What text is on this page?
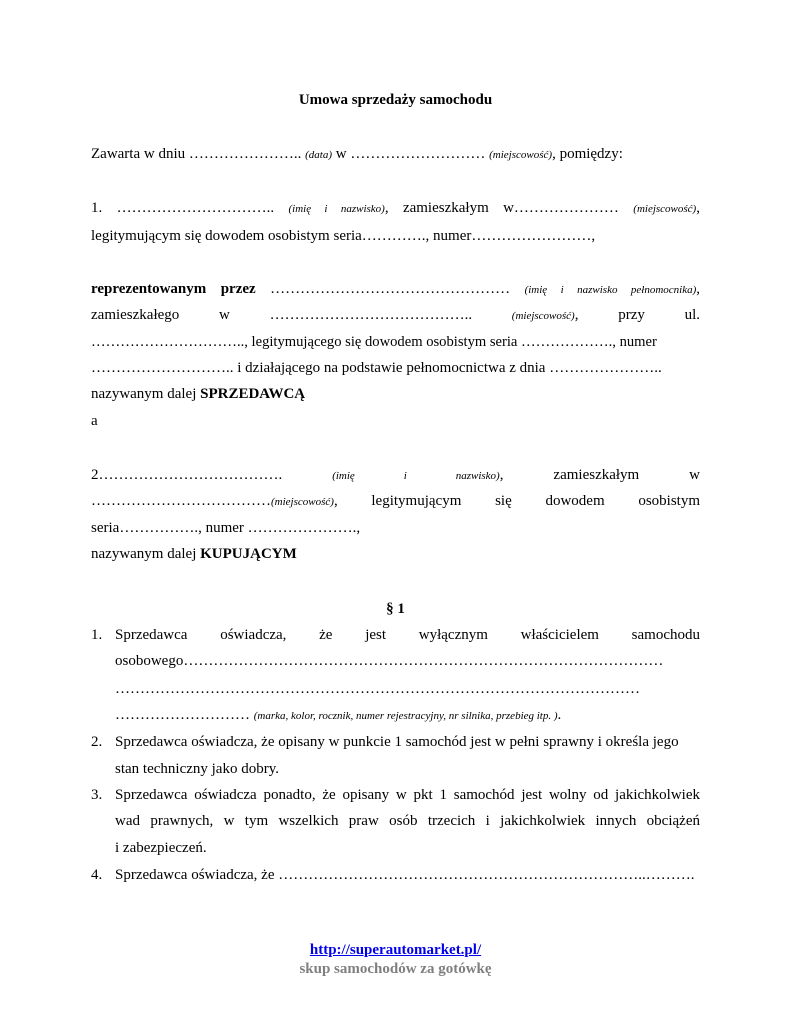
Umowa sprzedaży samochodu
Zawarta w dniu ………………….. (data) w ……………………… (miejscowość), pomiędzy:
1. ………………………….. (imię i nazwisko), zamieszkałym w………………… (miejscowość),
legitymującym się dowodem osobistym seria…………., numer……………………,
reprezentowanym przez ………………………………………… (imię i nazwisko pełnomocnika),
zamieszkałego	w	…………………………………..	(miejscowość), przy ul.
………………………….., legitymującego się dowodem osobistym seria ………………., numer
……………………….. i działającego na podstawie pełnomocnictwa z dnia …………………..
nazywanym dalej SPRZEDAWCĄ
a
2……………………………….	(imię i nazwisko), zamieszkałym w
………………………………(miejscowość), legitymującym się dowodem osobistym
seria……………., numer ………………….,
nazywanym dalej KUPUJĄCYM
§ 1
1. Sprzedawca oświadcza, że jest wyłącznym właścicielem samochodu
osobowego……………………………………………………………………………………
……………………………………………………………………………………………
……………………… (marka, kolor, rocznik, numer rejestracyjny, nr silnika, przebieg itp. ).
2. Sprzedawca oświadcza, że opisany w punkcie 1 samochód jest w pełni sprawny i określa jego
stan techniczny jako dobry.
3. Sprzedawca oświadcza ponadto, że opisany w pkt 1 samochód jest wolny od jakichkolwiek
wad prawnych, w tym wszelkich praw osób trzecich i jakichkolwiek innych obciążeń
i zabezpieczeń.
4. Sprzedawca oświadcza, że ………………………………………………………………..……….
http://superautomarket.pl/
skup samochodów za gotówkę
